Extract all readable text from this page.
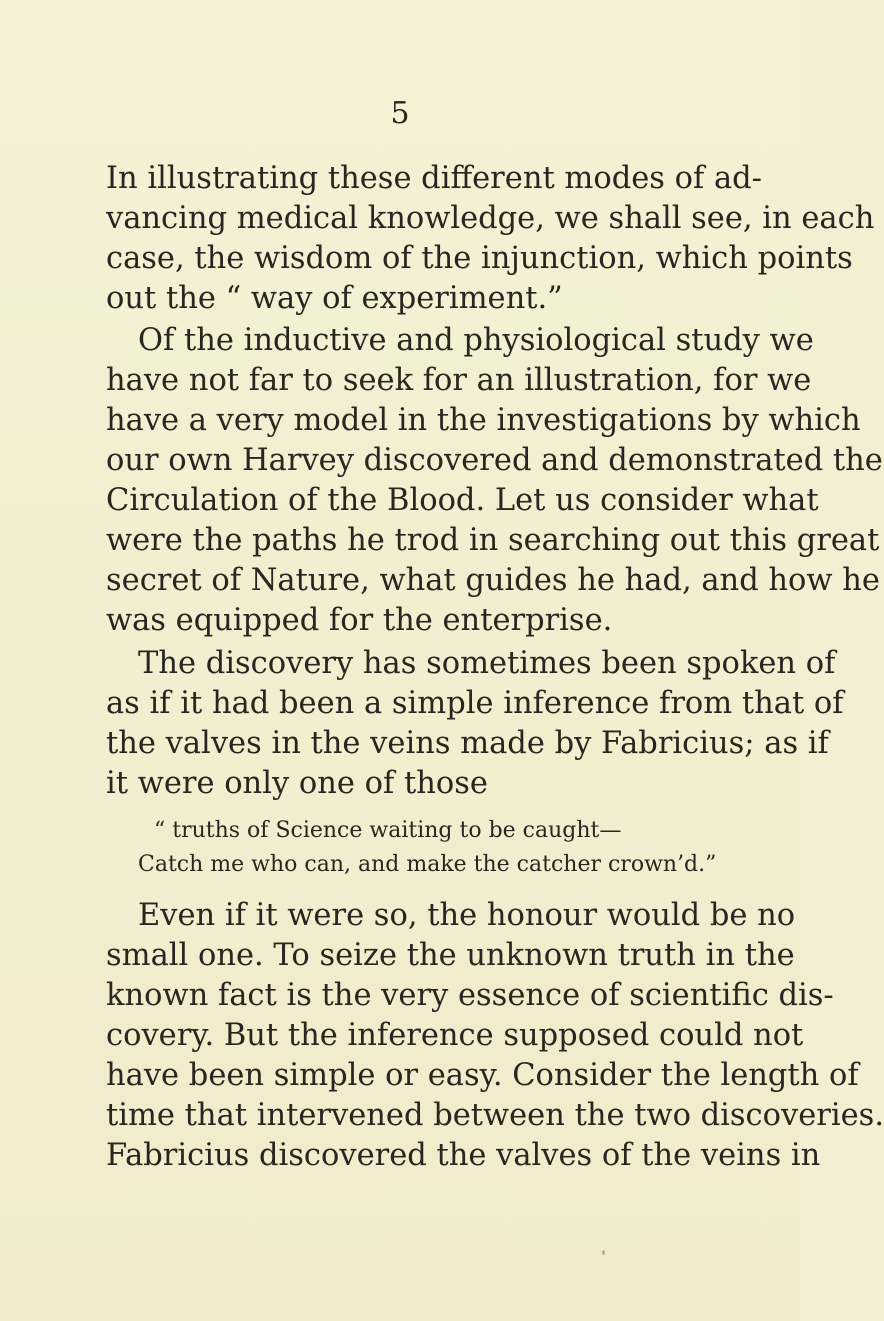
5
In illustrating these different modes of ad-
vancing medical knowledge, we shall see, in each
case, the wisdom of the injunction, which points
out the “ way of experiment.”
Of the inductive and physiological study we
have not far to seek for an illustration, for we
have a very model in the investigations by which
our own Harvey discovered and demonstrated the
Circulation of the Blood. Let us consider what
were the paths he trod in searching out this great
secret of Nature, what guides he had, and how he
was equipped for the enterprise.
The discovery has sometimes been spoken of
as if it had been a simple inference from that of
the valves in the veins made by Fabricius; as if
it were only one of those
“ truths of Science waiting to be caught—
Catch me who can, and make the catcher crown’d.”
Even if it were so, the honour would be no
small one. To seize the unknown truth in the
known fact is the very essence of scientific dis-
covery. But the inference supposed could not
have been simple or easy. Consider the length of
time that intervened between the two discoveries.
Fabricius discovered the valves of the veins in
